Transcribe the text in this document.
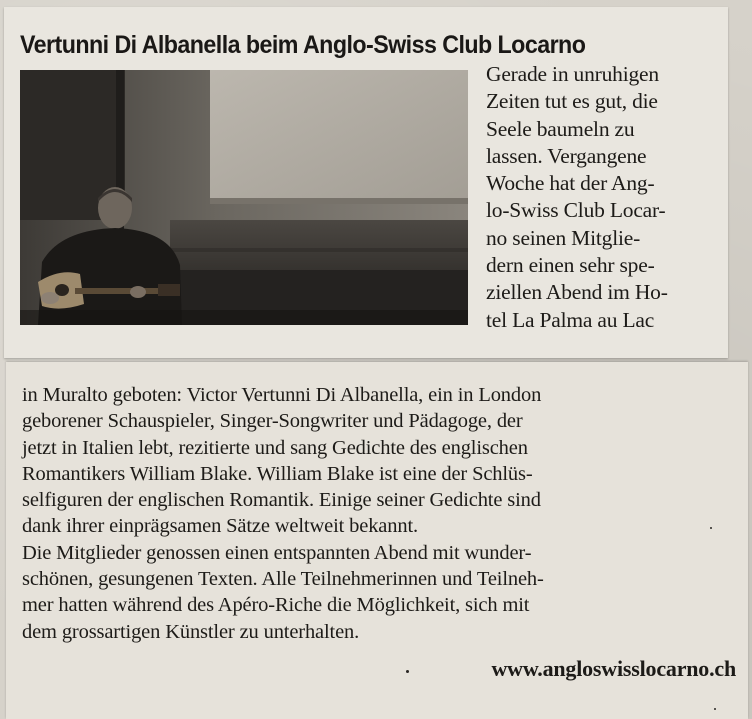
Vertunni Di Albanella beim Anglo-Swiss Club Locarno
Gerade in unruhigen
Zeiten tut es gut, die
Seele baumeln zu
lassen. Vergangene
Woche hat der Ang-
lo-Swiss Club Locar-
no seinen Mitglie-
dern einen sehr spe-
ziellen Abend im Ho-
tel La Palma au Lac
in Muralto geboten: Victor Vertunni Di Albanella, ein in London
geborener Schauspieler, Singer-Songwriter und Pädagoge, der
jetzt in Italien lebt, rezitierte und sang Gedichte des englischen
Romantikers William Blake. William Blake ist eine der Schlüs-
selfiguren der englischen Romantik. Einige seiner Gedichte sind
dank ihrer einprägsamen Sätze weltweit bekannt.
Die Mitglieder genossen einen entspannten Abend mit wunder-
schönen, gesungenen Texten. Alle Teilnehmerinnen und Teilneh-
mer hatten während des Apéro-Riche die Möglichkeit, sich mit
dem grossartigen Künstler zu unterhalten.
www.angloswisslocarno.ch
